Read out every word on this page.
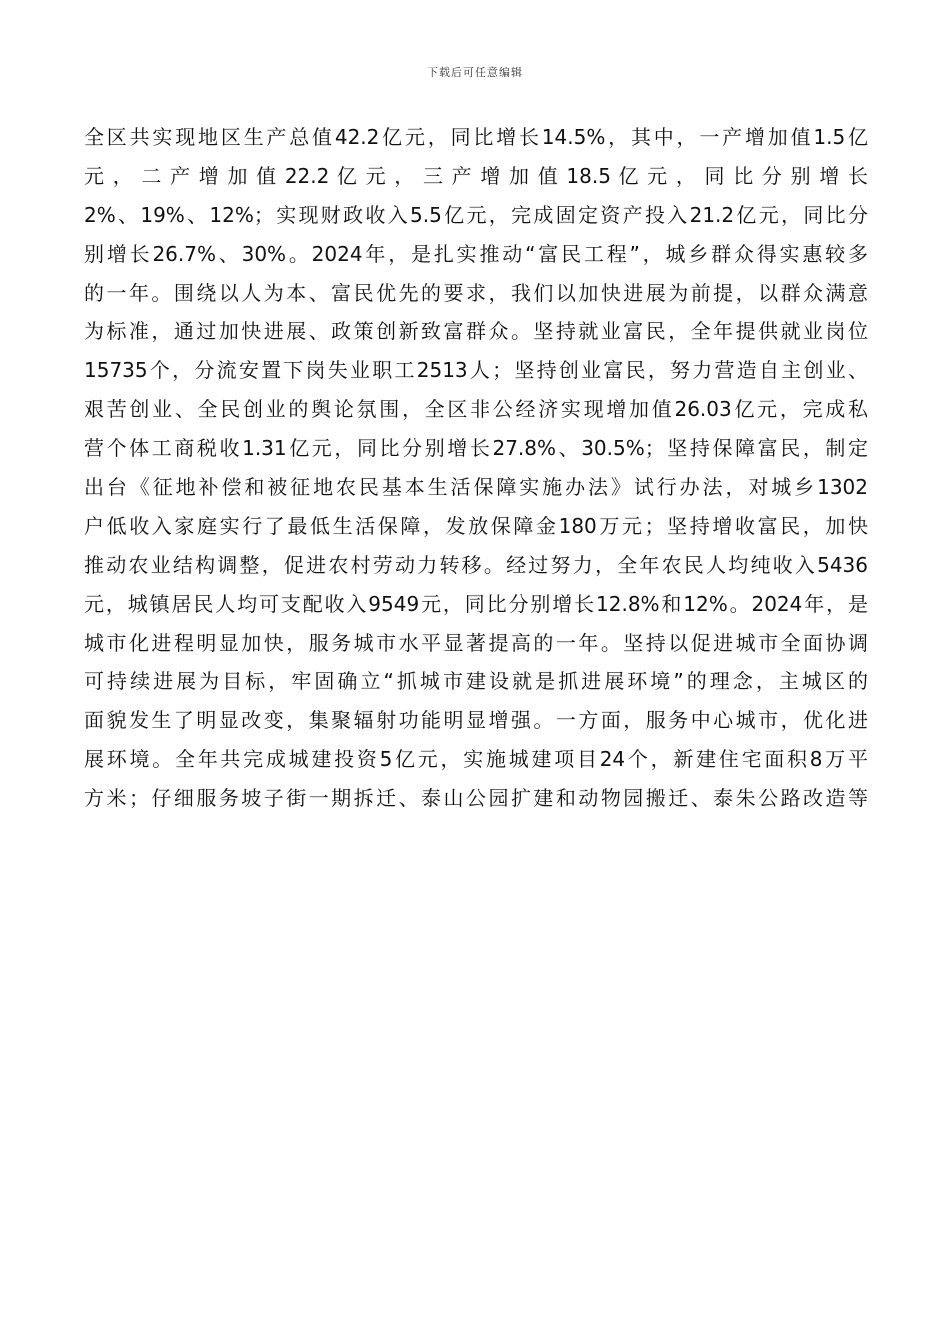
下载后可任意编辑
全区共实现地区生产总值42.2亿元，同比增长14.5%，其中，一产增加值1.5亿
元 ， 二 产 增 加 值 22.2 亿 元 ， 三 产 增 加 值 18.5 亿 元 ， 同 比 分 别 增 长
2%、19%、12%；实现财政收入5.5亿元，完成固定资产投入21.2亿元，同比分
别增长26.7%、30%。2024年，是扎实推动“富民工程”，城乡群众得实惠较多
的一年。围绕以人为本、富民优先的要求，我们以加快进展为前提，以群众满意
为标准，通过加快进展、政策创新致富群众。坚持就业富民，全年提供就业岗位
15735个，分流安置下岗失业职工2513人；坚持创业富民，努力营造自主创业、
艰苦创业、全民创业的舆论氛围，全区非公经济实现增加值26.03亿元，完成私
营个体工商税收1.31亿元，同比分别增长27.8%、30.5%；坚持保障富民，制定
出台《征地补偿和被征地农民基本生活保障实施办法》试行办法，对城乡1302
户低收入家庭实行了最低生活保障，发放保障金180万元；坚持增收富民，加快
推动农业结构调整，促进农村劳动力转移。经过努力，全年农民人均纯收入5436
元，城镇居民人均可支配收入9549元，同比分别增长12.8%和12%。2024年，是
城市化进程明显加快，服务城市水平显著提高的一年。坚持以促进城市全面协调
可持续进展为目标，牢固确立“抓城市建设就是抓进展环境”的理念，主城区的
面貌发生了明显改变，集聚辐射功能明显增强。一方面，服务中心城市，优化进
展环境。全年共完成城建投资5亿元，实施城建项目24个，新建住宅面积8万平
方米；仔细服务坡子街一期拆迁、泰山公园扩建和动物园搬迁、泰朱公路改造等
